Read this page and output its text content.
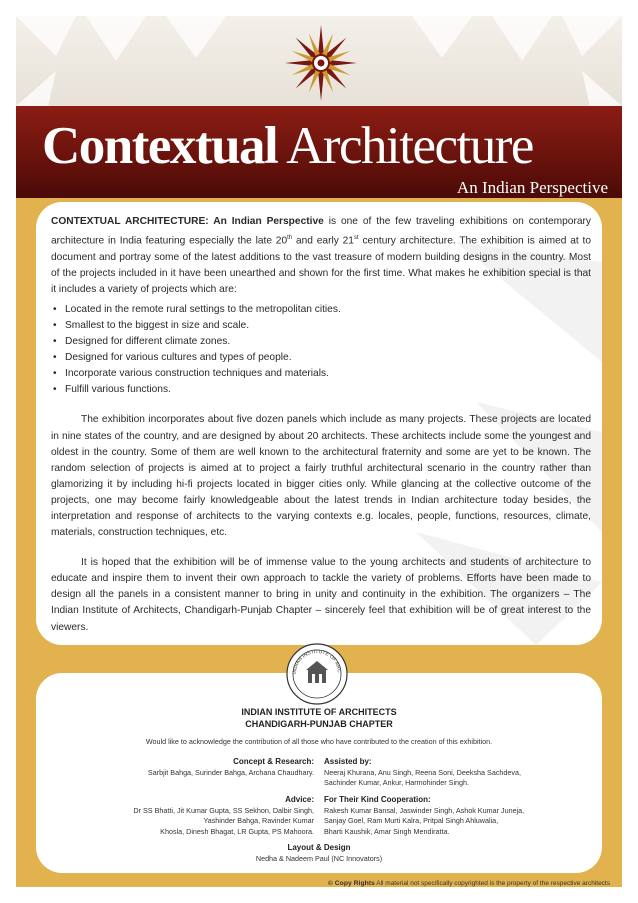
Contextual Architecture
An Indian Perspective

CONTEXTUAL ARCHITECTURE: An Indian Perspective is one of the few traveling exhibitions on contemporary architecture in India featuring especially the late 20th and early 21st century architecture. The exhibition is aimed at to document and portray some of the latest additions to the vast treasure of modern building designs in the country. Most of the projects included in it have been unearthed and shown for the first time. What makes he exhibition special is that it includes a variety of projects which are:

• Located in the remote rural settings to the metropolitan cities.
• Smallest to the biggest in size and scale.
• Designed for different climate zones.
• Designed for various cultures and types of people.
• Incorporate various construction techniques and materials.
• Fulfill various functions.

The exhibition incorporates about five dozen panels which include as many projects. These projects are located in nine states of the country, and are designed by about 20 architects. These architects include some the youngest and oldest in the country. Some of them are well known to the architectural fraternity and some are yet to be known. The random selection of projects is aimed at to project a fairly truthful architectural scenario in the country rather than glamorizing it by including hi-fi projects located in bigger cities only. While glancing at the collective outcome of the projects, one may become fairly knowledgeable about the latest trends in Indian architecture today besides, the interpretation and response of architects to the varying contexts e.g. locales, people, functions, resources, climate, materials, construction techniques, etc.

It is hoped that the exhibition will be of immense value to the young architects and students of architecture to educate and inspire them to invent their own approach to tackle the variety of problems. Efforts have been made to design all the panels in a consistent manner to bring in unity and continuity in the exhibition. The organizers – The Indian Institute of Architects, Chandigarh-Punjab Chapter – sincerely feel that exhibition will be of great interest to the viewers.

INDIAN INSTITUTE OF ARCHITECTS
CHANDIGARH-PUNJAB CHAPTER
Would like to acknowledge the contribution of all those who have contributed to the creation of this exhibition.
Concept & Research:
Sarbjit Bahga, Surinder Bahga, Archana Chaudhary.
Assisted by:
Neeraj Khurana, Anu Singh, Reena Soni, Deeksha Sachdeva,
Sachinder Kumar, Ankur, Harmohinder Singh.
Advice:
Dr SS Bhatti, Jit Kumar Gupta, SS Sekhon, Dalbir Singh,
Yashinder Bahga, Ravinder Kumar
Khosla, Dinesh Bhagat, LR Gupta, PS Mahoora.
For Their Kind Cooperation:
Rakesh Kumar Bansal, Jaswinder Singh, Ashok Kumar Juneja,
Sanjay Goel, Ram Murti Kalra, Pritpal Singh Ahluwalia,
Bharti Kaushik, Amar Singh Mendiratta.
Layout & Design
Nedha & Nadeem Paul (NC Innovators)
INDIAN INSTITUTE OF ARC
© Copy Rights All material not specifically copyrighted is the property of the respective architects
